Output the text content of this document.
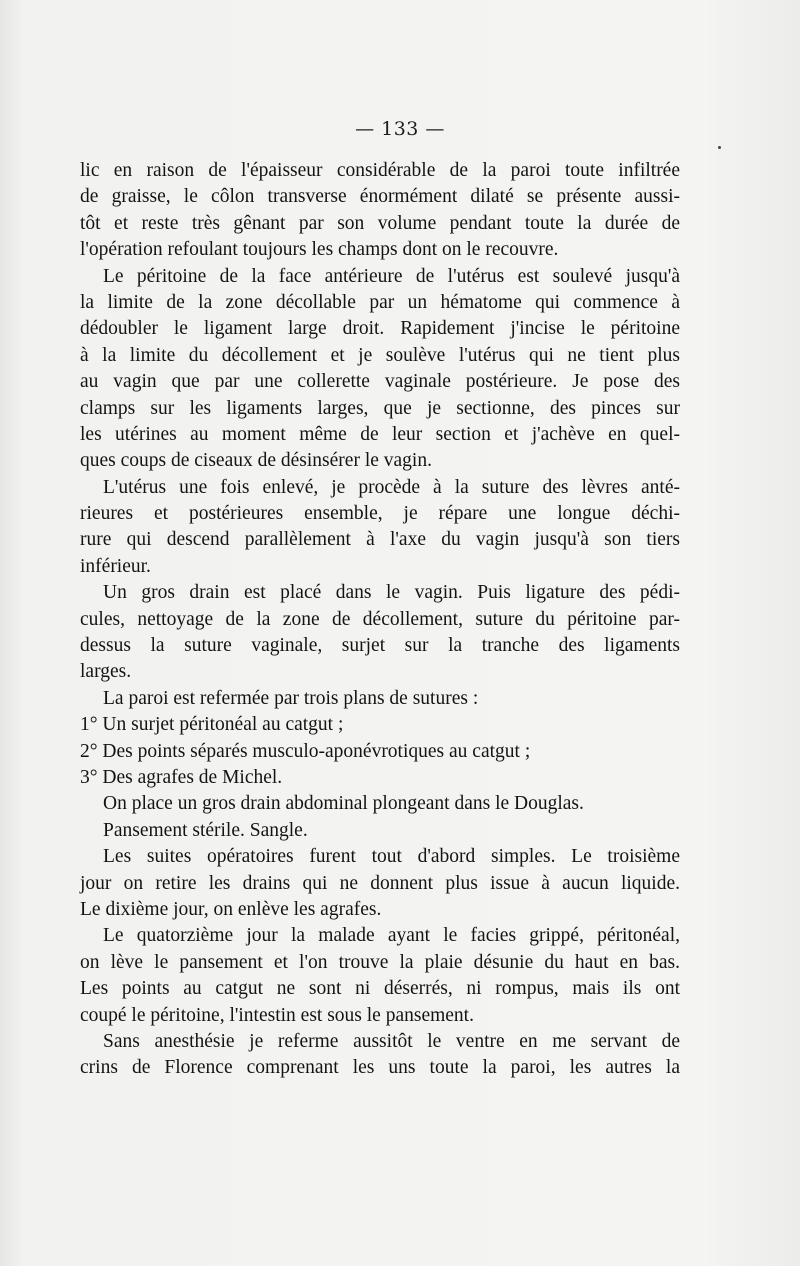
— 133 —
lic en raison de l'épaisseur considérable de la paroi toute infiltrée
de graisse, le côlon transverse énormément dilaté se présente aussi-
tôt et reste très gênant par son volume pendant toute la durée de
l'opération refoulant toujours les champs dont on le recouvre.
Le péritoine de la face antérieure de l'utérus est soulevé jusqu'à
la limite de la zone décollable par un hématome qui commence à
dédoubler le ligament large droit. Rapidement j'incise le péritoine
à la limite du décollement et je soulève l'utérus qui ne tient plus
au vagin que par une collerette vaginale postérieure. Je pose des
clamps sur les ligaments larges, que je sectionne, des pinces sur
les utérines au moment même de leur section et j'achève en quel-
ques coups de ciseaux de désinsérer le vagin.
L'utérus une fois enlevé, je procède à la suture des lèvres anté-
rieures et postérieures ensemble, je répare une longue déchi-
rure qui descend parallèlement à l'axe du vagin jusqu'à son tiers
inférieur.
Un gros drain est placé dans le vagin. Puis ligature des pédi-
cules, nettoyage de la zone de décollement, suture du péritoine par-
dessus la suture vaginale, surjet sur la tranche des ligaments
larges.
La paroi est refermée par trois plans de sutures :
1° Un surjet péritonéal au catgut ;
2° Des points séparés musculo-aponévrotiques au catgut ;
3° Des agrafes de Michel.
On place un gros drain abdominal plongeant dans le Douglas.
Pansement stérile. Sangle.
Les suites opératoires furent tout d'abord simples. Le troisième
jour on retire les drains qui ne donnent plus issue à aucun liquide.
Le dixième jour, on enlève les agrafes.
Le quatorzième jour la malade ayant le facies grippé, péritonéal,
on lève le pansement et l'on trouve la plaie désunie du haut en bas.
Les points au catgut ne sont ni déserrés, ni rompus, mais ils ont
coupé le péritoine, l'intestin est sous le pansement.
Sans anesthésie je referme aussitôt le ventre en me servant de
crins de Florence comprenant les uns toute la paroi, les autres la
